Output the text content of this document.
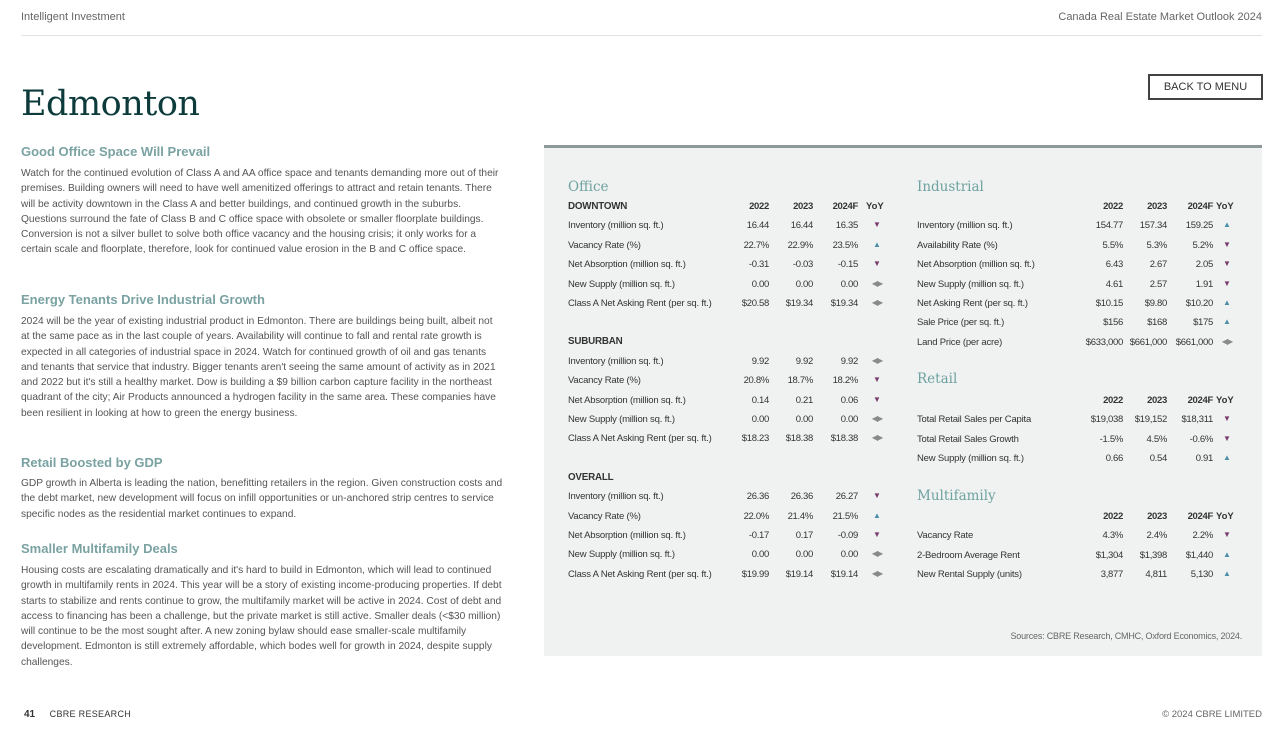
Intelligent Investment	Canada Real Estate Market Outlook 2024
Edmonton	BACK TO MENU
Good Office Space Will Prevail
Watch for the continued evolution of Class A and AA office space and tenants demanding more out of their premises. Building owners will need to have well amenitized offerings to attract and retain tenants. There will be activity downtown in the Class A and better buildings, and continued growth in the suburbs. Questions surround the fate of Class B and C office space with obsolete or smaller floorplate buildings. Conversion is not a silver bullet to solve both office vacancy and the housing crisis; it only works for a certain scale and floorplate, therefore, look for continued value erosion in the B and C office space.
Energy Tenants Drive Industrial Growth
2024 will be the year of existing industrial product in Edmonton. There are buildings being built, albeit not at the same pace as in the last couple of years. Availability will continue to fall and rental rate growth is expected in all categories of industrial space in 2024. Watch for continued growth of oil and gas tenants and tenants that service that industry. Bigger tenants aren't seeing the same amount of activity as in 2021 and 2022 but it's still a healthy market. Dow is building a $9 billion carbon capture facility in the northeast quadrant of the city; Air Products announced a hydrogen facility in the same area. These companies have been resilient in looking at how to green the energy business.
Retail Boosted by GDP
GDP growth in Alberta is leading the nation, benefitting retailers in the region. Given construction costs and the debt market, new development will focus on infill opportunities or un-anchored strip centres to service specific nodes as the residential market continues to expand.
Smaller Multifamily Deals
Housing costs are escalating dramatically and it's hard to build in Edmonton, which will lead to continued growth in multifamily rents in 2024. This year will be a story of existing income-producing properties. If debt starts to stabilize and rents continue to grow, the multifamily market will be active in 2024. Cost of debt and access to financing has been a challenge, but the private market is still active. Smaller deals (<$30 million) will continue to be the most sought after. A new zoning bylaw should ease smaller-scale multifamily development. Edmonton is still extremely affordable, which bodes well for growth in 2024, despite supply challenges.
Office
DOWNTOWN	2022	2023 2024F YoY
Inventory (million sq. ft.)	16.44 16.44 16.35	▼
Vacancy Rate (%)	22.7% 22.9% 23.5%	▲
Net Absorption (million sq. ft.)	-0.31	-0.03	-0.15	▼
New Supply (million sq. ft.)	0.00	0.00	0.00 ◀▶
Class A Net Asking Rent (per sq. ft.)	$20.58 $19.34 $19.34 ◀▶
SUBURBAN
Inventory (million sq. ft.)	9.92	9.92	9.92 ◀▶
Vacancy Rate (%)	20.8% 18.7% 18.2%	▼
Net Absorption (million sq. ft.)	0.14	0.21	0.06	▼
New Supply (million sq. ft.)	0.00	0.00	0.00 ◀▶
Class A Net Asking Rent (per sq. ft.)	$18.23 $18.38 $18.38 ◀▶
OVERALL
Inventory (million sq. ft.)	26.36 26.36 26.27	▼
Vacancy Rate (%)	22.0% 21.4% 21.5%	▲
Net Absorption (million sq. ft.)	-0.17	0.17	-0.09	▼
New Supply (million sq. ft.)	0.00	0.00	0.00 ◀▶
Class A Net Asking Rent (per sq. ft.)	$19.99 $19.14 $19.14 ◀▶
Industrial
2022	2023 2024F YoY
Inventory (million sq. ft.)	154.77 157.34 159.25	▲
Availability Rate (%)	5.5% 5.3%	5.2%	▼
Net Absorption (million sq. ft.)	6.43	2.67	2.05	▼
New Supply (million sq. ft.)	4.61	2.57	1.91	▼
Net Asking Rent (per sq. ft.)	$10.15 $9.80 $10.20	▲
Sale Price (per sq. ft.)	$156	$168	$175	▲
Land Price (per acre)	$633,000 $661,000 $661,000 ◀▶
Retail
2022	2023 2024F YoY
Total Retail Sales per Capita	$19,038 $19,152 $18,311	▼
Total Retail Sales Growth	-1.5% 4.5% -0.6%	▼
New Supply (million sq. ft.)	0.66	0.54	0.91	▲
Multifamily
2022	2023 2024F YoY
Vacancy Rate	4.3% 2.4%	2.2%	▼
2-Bedroom Average Rent	$1,304 $1,398 $1,440	▲
New Rental Supply (units)	3,877 4,811 5,130	▲
Sources: CBRE Research, CMHC, Oxford Economics, 2024.
41 CBRE RESEARCH	© 2024 CBRE LIMITED
